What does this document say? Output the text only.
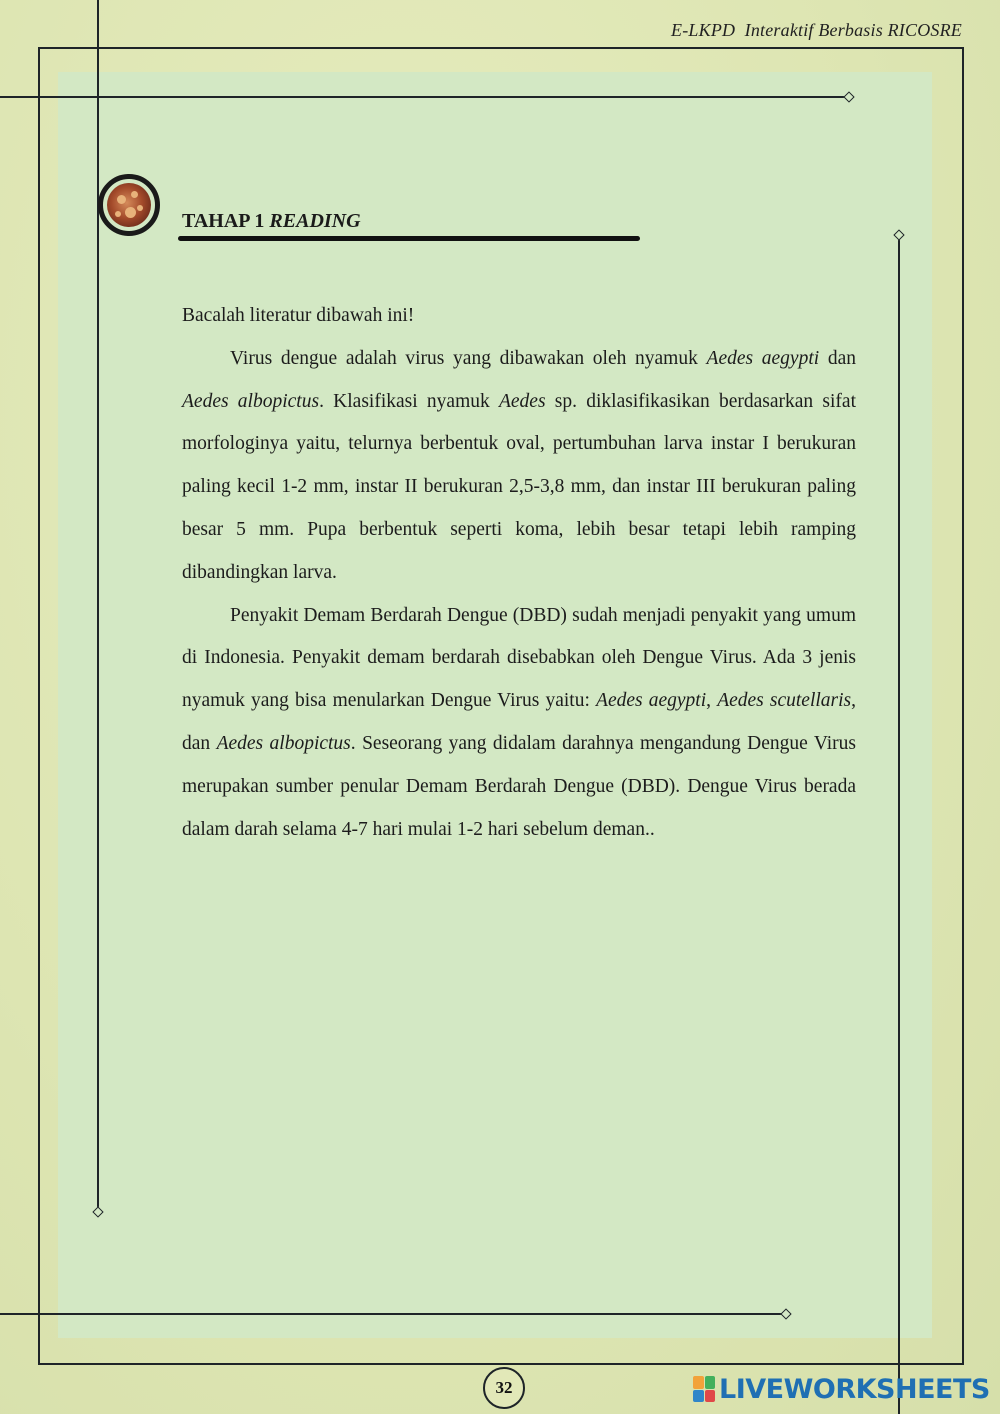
E-LKPD  Interaktif Berbasis RICOSRE
TAHAP 1 READING

Bacalah literatur dibawah ini!

Virus dengue adalah virus yang dibawakan oleh nyamuk Aedes aegypti dan Aedes albopictus. Klasifikasi nyamuk Aedes sp. diklasifikasikan berdasarkan sifat morfologinya yaitu, telurnya berbentuk oval, pertumbuhan larva instar I berukuran paling kecil 1-2 mm, instar II berukuran 2,5-3,8 mm, dan instar III berukuran paling besar 5 mm. Pupa berbentuk seperti koma, lebih besar tetapi lebih ramping dibandingkan larva.

Penyakit Demam Berdarah Dengue (DBD) sudah menjadi penyakit yang umum di Indonesia. Penyakit demam berdarah disebabkan oleh Dengue Virus. Ada 3 jenis nyamuk yang bisa menularkan Dengue Virus yaitu: Aedes aegypti, Aedes scutellaris, dan Aedes albopictus. Seseorang yang didalam darahnya mengandung Dengue Virus merupakan sumber penular Demam Berdarah Dengue (DBD). Dengue Virus berada dalam darah selama 4-7 hari mulai 1-2 hari sebelum deman..

32	LIVEWORKSHEETS
